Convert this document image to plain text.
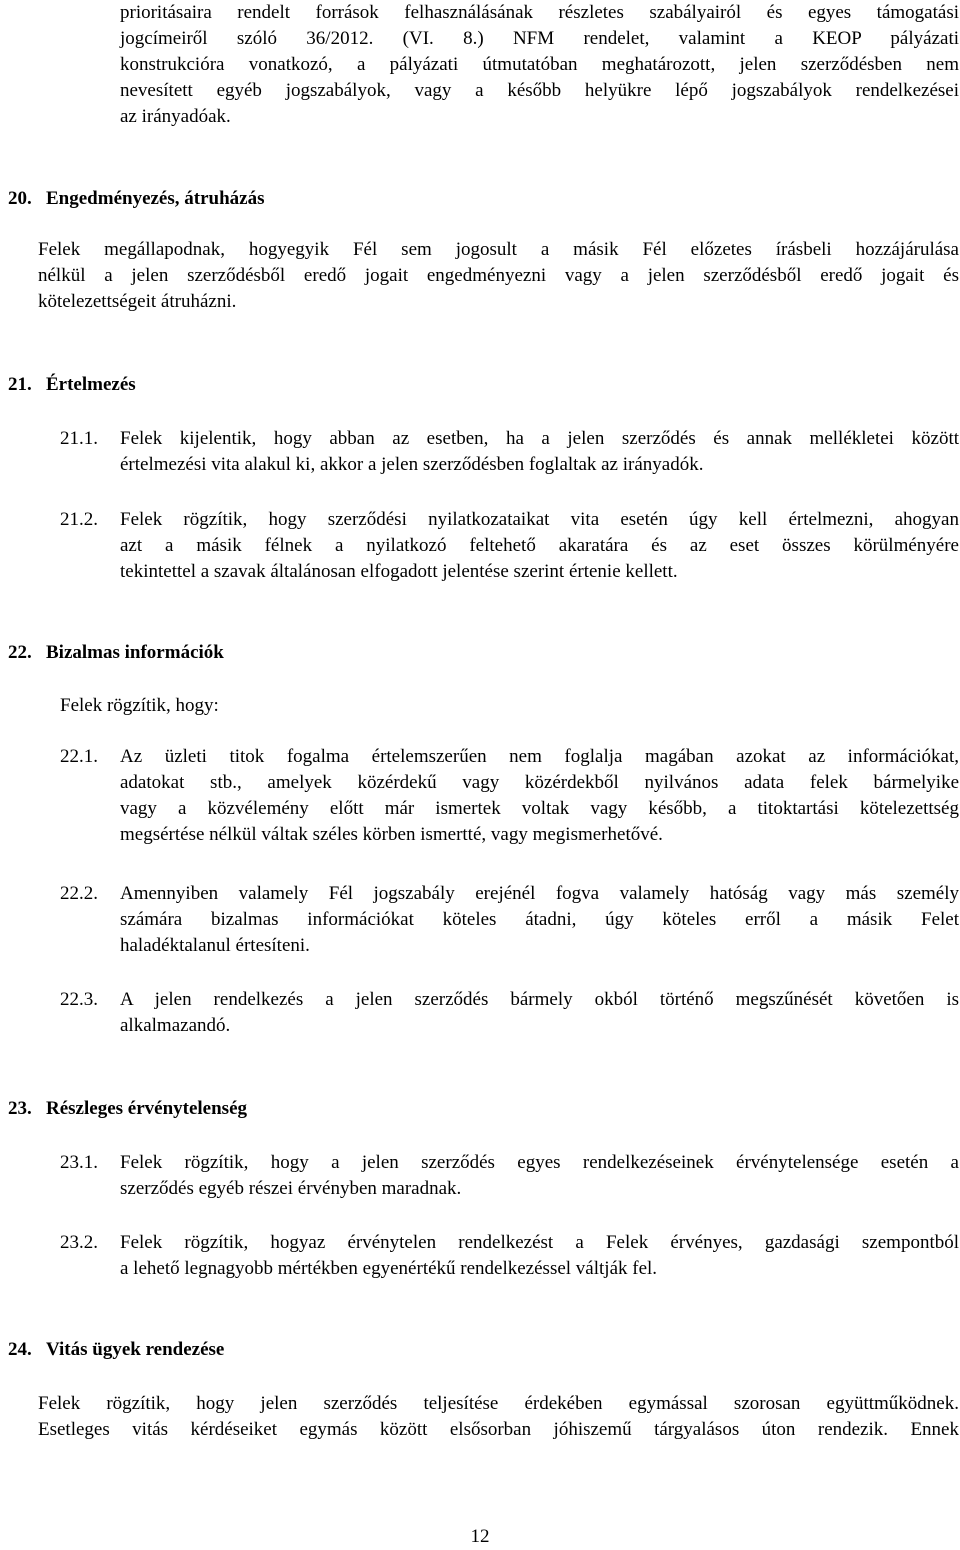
prioritásaira rendelt források felhasználásának részletes szabályairól és egyes támogatási
jogcímeiről szóló 36/2012. (VI. 8.) NFM rendelet, valamint a KEOP pályázati
konstrukcióra vonatkozó, a pályázati útmutatóban meghatározott, jelen szerződésben nem
nevesített egyéb jogszabályok, vagy a később helyükre lépő jogszabályok rendelkezései
az irányadóak.
20. Engedményezés, átruházás
Felek megállapodnak, hogyegyik Fél sem jogosult a másik Fél előzetes írásbeli hozzájárulása
nélkül a jelen szerződésből eredő jogait engedményezni vagy a jelen szerződésből eredő jogait és
kötelezettségeit átruházni.
21. Értelmezés
21.1. Felek kijelentik, hogy abban az esetben, ha a jelen szerződés és annak mellékletei között
értelmezési vita alakul ki, akkor a jelen szerződésben foglaltak az irányadók.
21.2. Felek rögzítik, hogy szerződési nyilatkozataikat vita esetén úgy kell értelmezni, ahogyan
azt a másik félnek a nyilatkozó feltehető akaratára és az eset összes körülményére
tekintettel a szavak általánosan elfogadott jelentése szerint értenie kellett.
22. Bizalmas információk
Felek rögzítik, hogy:
22.1. Az üzleti titok fogalma értelemszerűen nem foglalja magában azokat az információkat,
adatokat stb., amelyek közérdekű vagy közérdekből nyilvános adata felek bármelyike
vagy a közvélemény előtt már ismertek voltak vagy később, a titoktartási kötelezettség
megsértése nélkül váltak széles körben ismertté, vagy megismerhetővé.
22.2. Amennyiben valamely Fél jogszabály erejénél fogva valamely hatóság vagy más személy
számára bizalmas információkat köteles átadni, úgy köteles erről a másik Felet
haladéktalanul értesíteni.
22.3. A jelen rendelkezés a jelen szerződés bármely okból történő megszűnését követően is
alkalmazandó.
23. Részleges érvénytelenség
23.1. Felek rögzítik, hogy a jelen szerződés egyes rendelkezéseinek érvénytelensége esetén a
szerződés egyéb részei érvényben maradnak.
23.2. Felek rögzítik, hogyaz érvénytelen rendelkezést a Felek érvényes, gazdasági szempontból
a lehető legnagyobb mértékben egyenértékű rendelkezéssel váltják fel.
24. Vitás ügyek rendezése
Felek rögzítik, hogy jelen szerződés teljesítése érdekében egymással szorosan együttműködnek.
Esetleges vitás kérdéseiket egymás között elsősorban jóhiszemű tárgyalásos úton rendezik. Ennek
12
